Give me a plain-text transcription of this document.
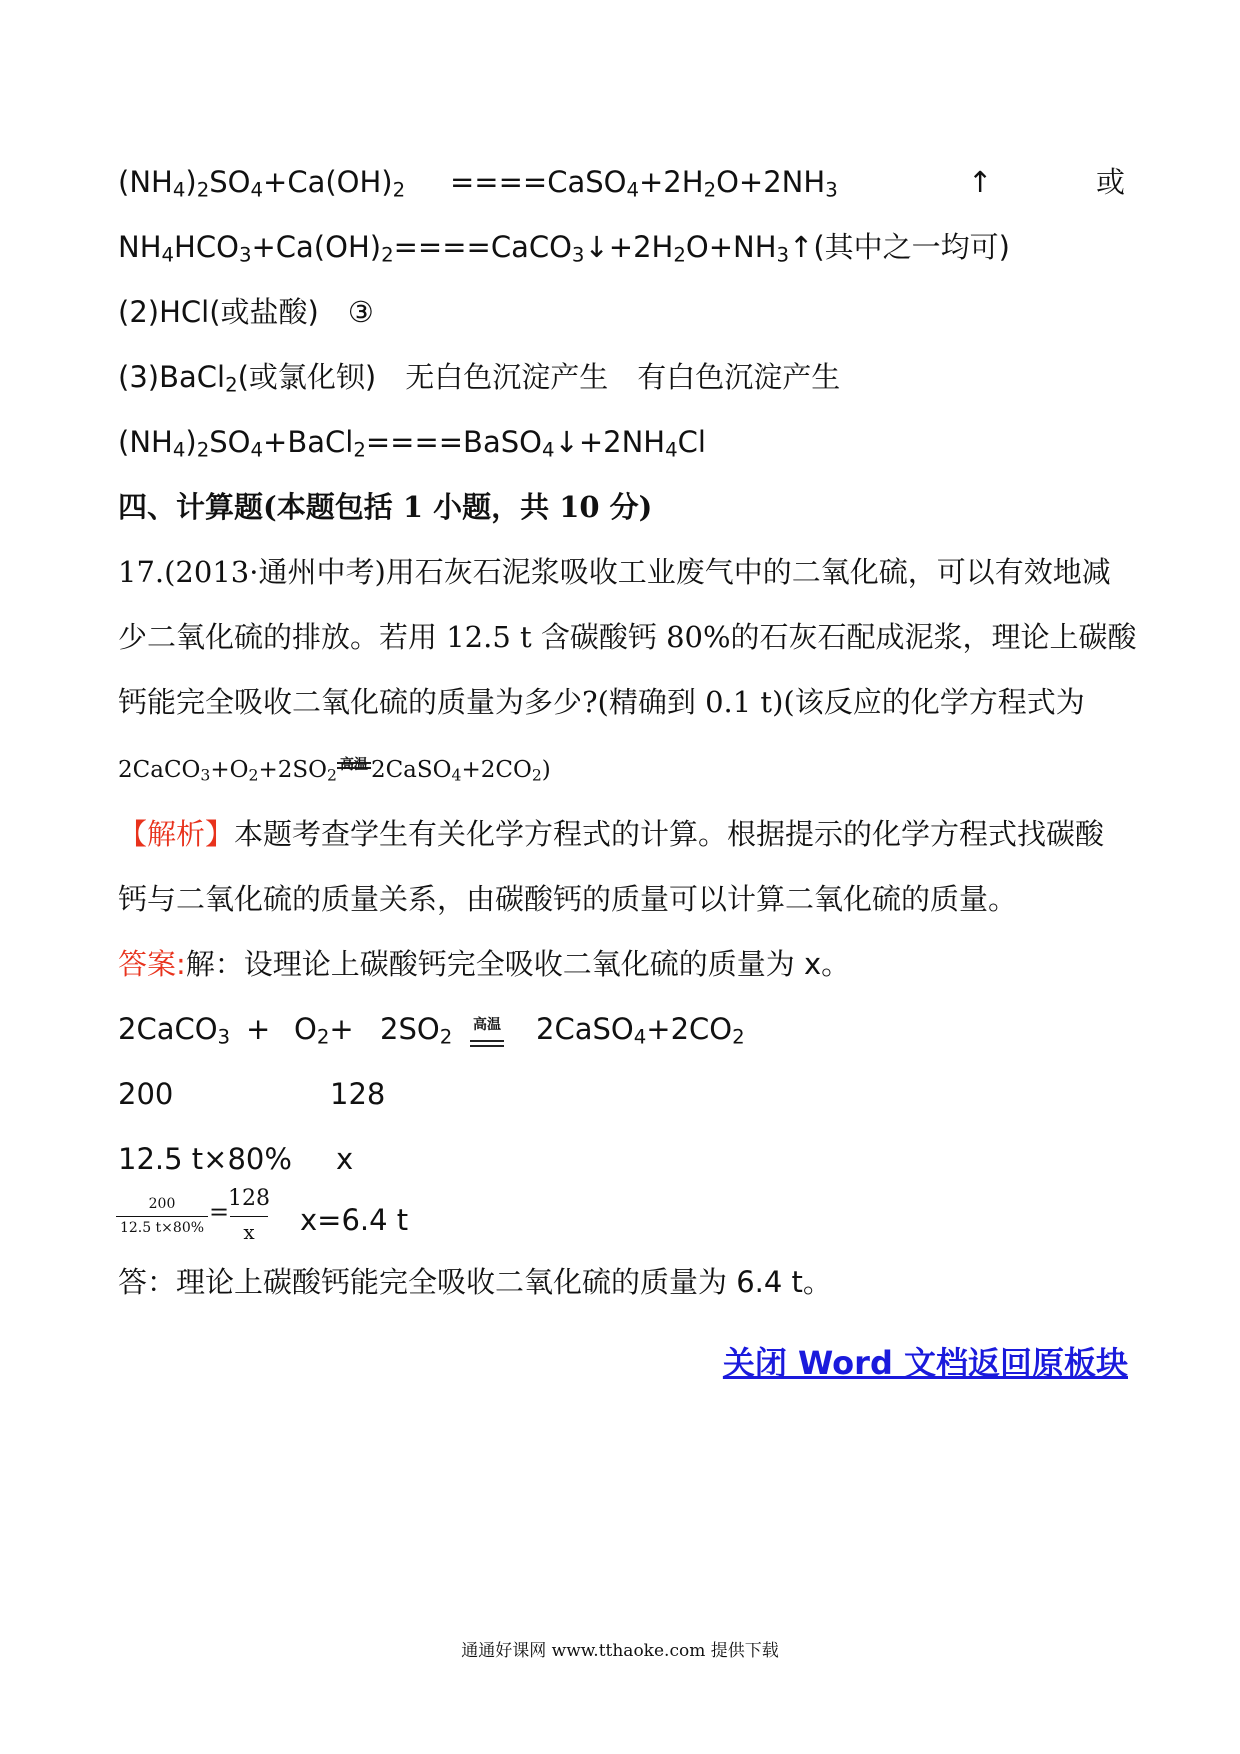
$(NH_4)_2SO_4+Ca(OH)_2$ $====CaSO_4+2H_2O+2NH_3$	↑	或
$NH_4HCO_3+Ca(OH)_2====CaCO_3↓+2H_2O+NH_3↑$(其中之一均可)
(2)HCl(或盐酸)　③
(3)BaCl$_2$(或氯化钡)　无白色沉淀产生　有白色沉淀产生
$(NH_4)_2SO_4+BaCl_2====BaSO_4↓+2NH_4Cl$
四、计算题(本题包括 1 小题，共 10 分)
17.(2013·通州中考)用石灰石泥浆吸收工业废气中的二氧化硫，可以有效地减
少二氧化硫的排放。若用 12.5 t 含碳酸钙 80%的石灰石配成泥浆，理论上碳酸
钙能完全吸收二氧化硫的质量为多少?(精确到 0.1 t)(该反应的化学方程式为
$2CaCO_3+O_2+2SO_2$
高温 $2CaSO_4+2CO_2$)
【解析】本题考查学生有关化学方程式的计算。根据提示的化学方程式找碳酸
钙与二氧化硫的质量关系，由碳酸钙的质量可以计算二氧化硫的质量。
答案:解：设理论上碳酸钙完全吸收二氧化硫的质量为 x。
2CaCO$_3$ + $O_2+ 2SO_2$
高温 $2CaSO_4+2CO_2$
200	128
12.5 t×80% x
200
12.5 t×80%
=
128
x	x=6.4 t
答：理论上碳酸钙能完全吸收二氧化硫的质量为 6.4 t。
关闭 Word 文档返回原板块
通通好课网 www.tthaoke.com 提供下载
